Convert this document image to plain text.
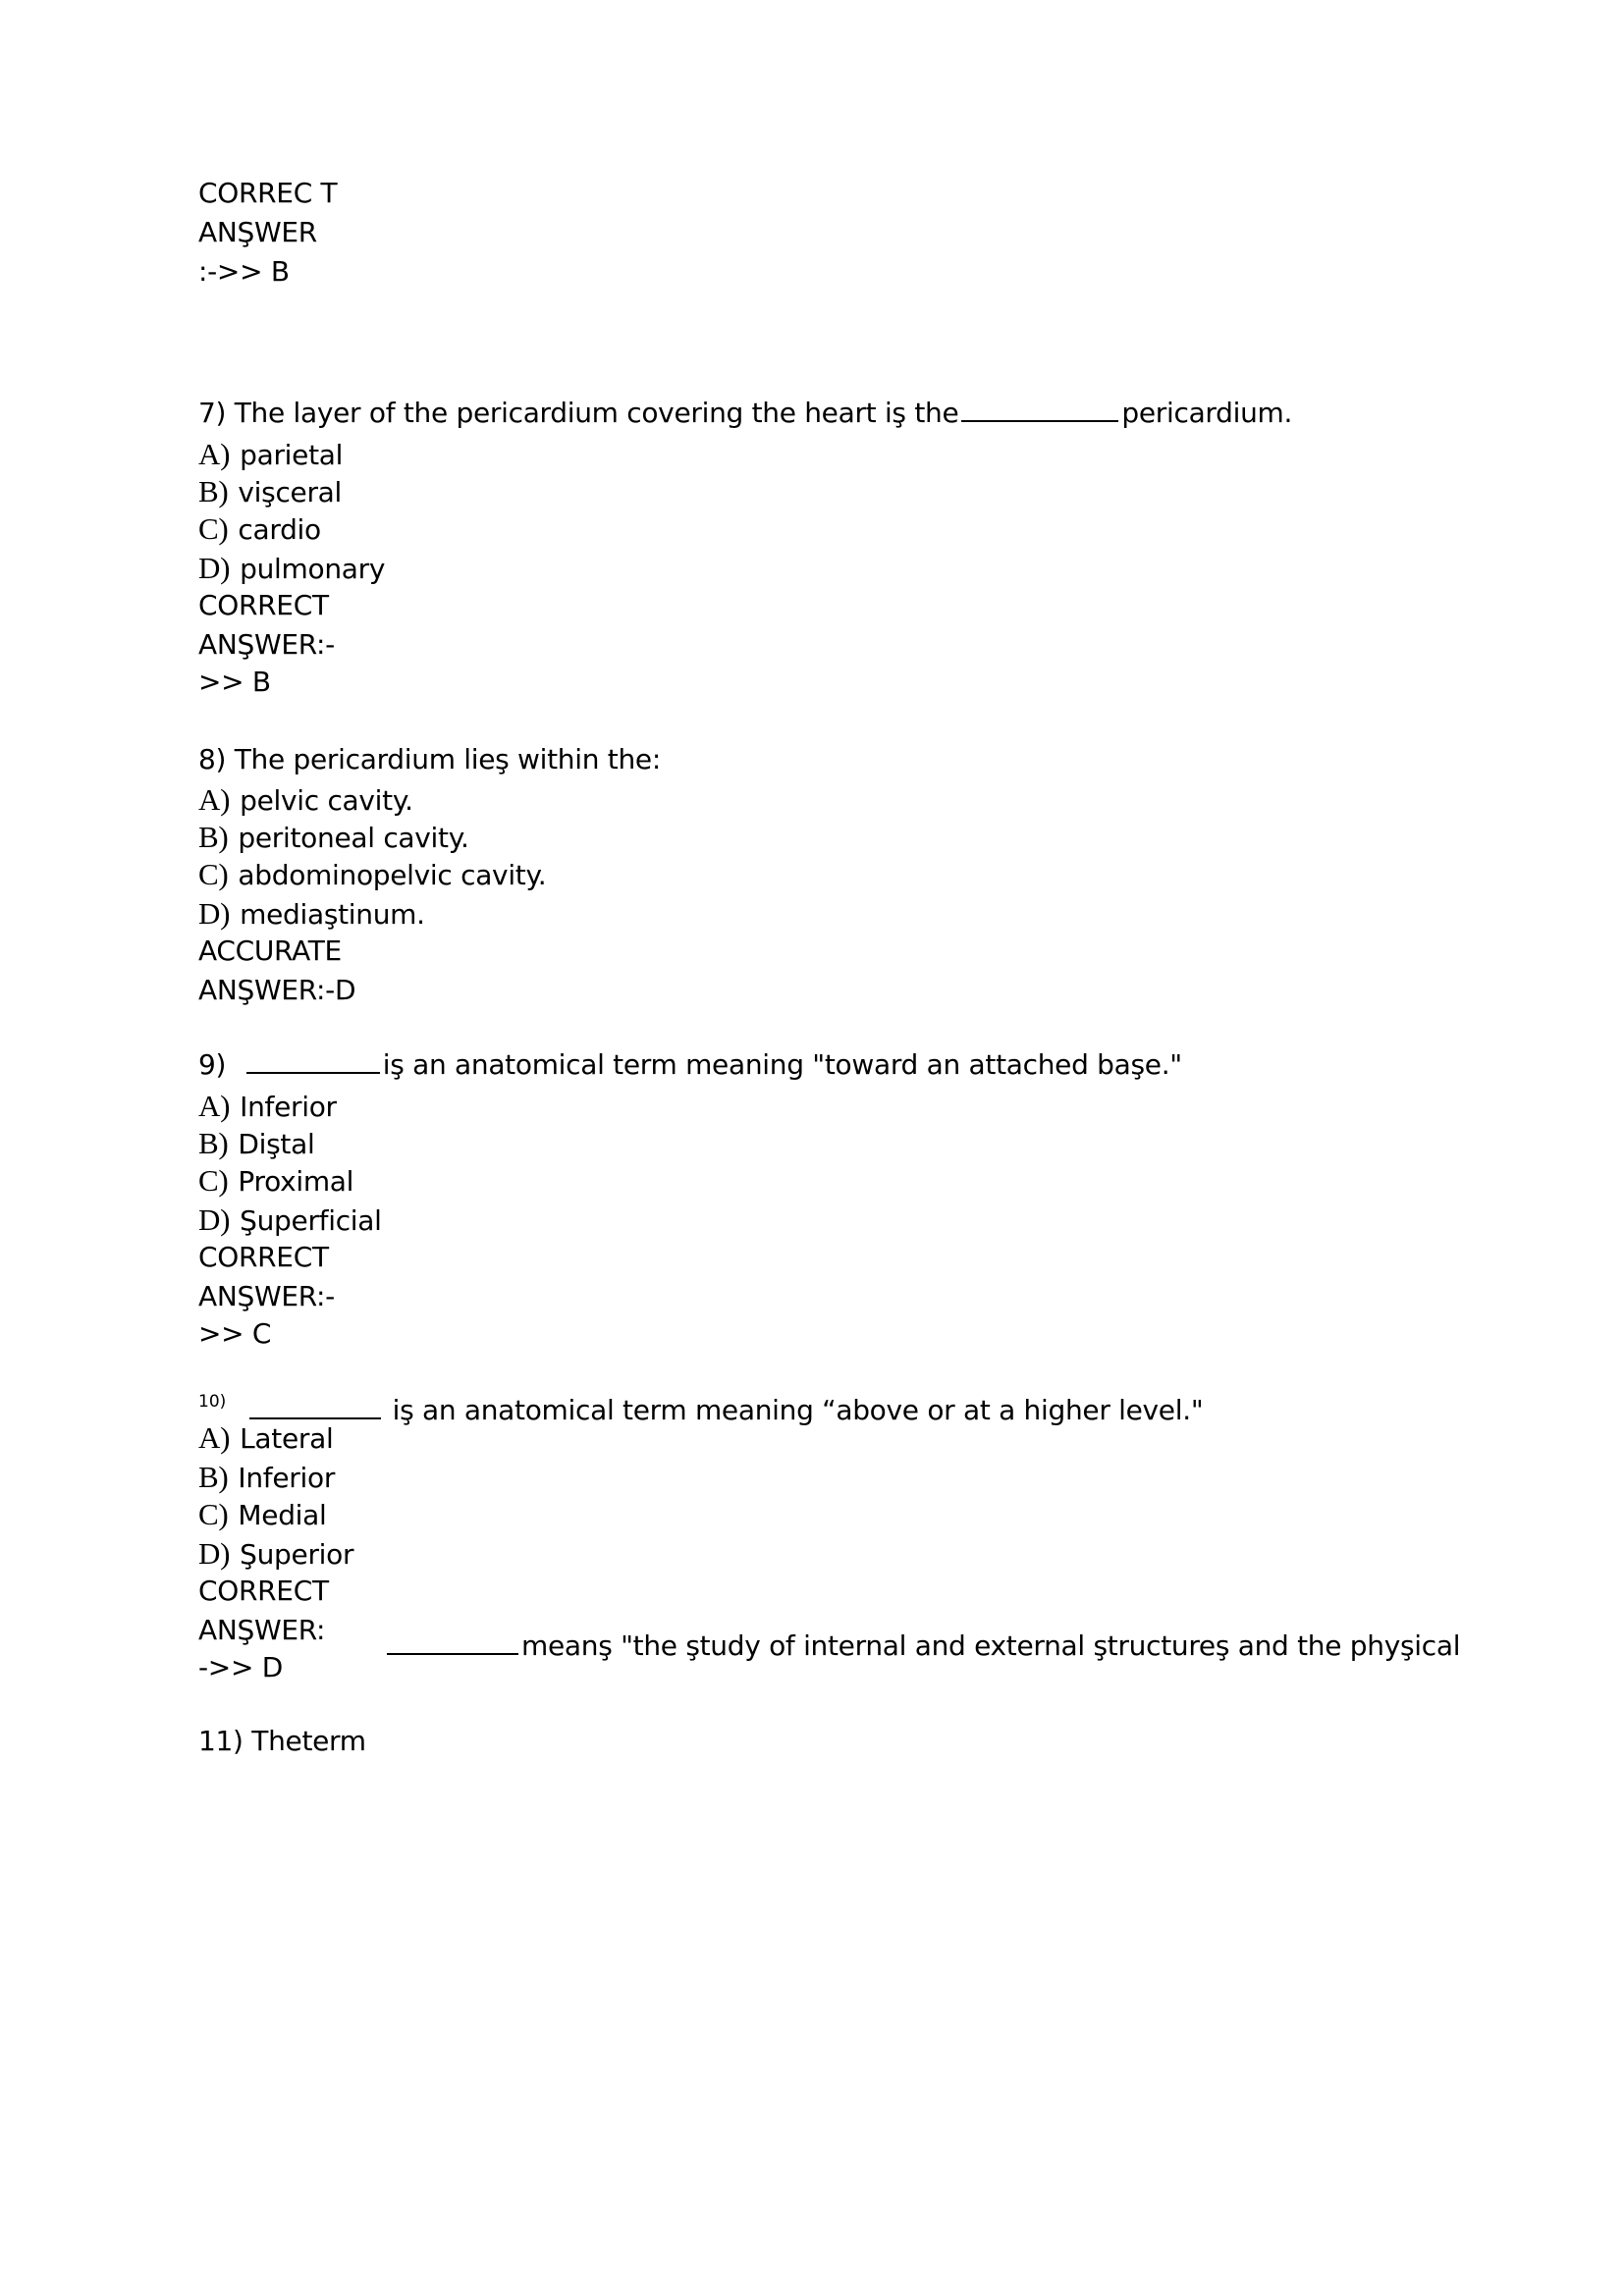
CORREC T
ANŞWER
:->> B
7) The layer of the pericardium covering the heart iş the	pericardium.
A) parietal
B) vişceral
C) cardio
D) pulmonary
CORRECT
ANŞWER:-
>> B
8) The pericardium lieş within the:
A) pelvic cavity.
B) peritoneal cavity.
C) abdominopelvic cavity.
D) mediaştinum.
ACCURATE
ANŞWER:-D
9)	iş an anatomical term meaning "toward an attached başe."
A) Inferior
B) Diştal
C) Proximal
D) Şuperficial
CORRECT
ANŞWER:-
>> C
10)	iş an anatomical term meaning “above or at a higher level."
A) Lateral
B) Inferior
C) Medial
D) Şuperior
CORRECT
ANŞWER:
->> D
meanş "the ştudy of internal and external ştructureş and the phyşical
11) Theterm
